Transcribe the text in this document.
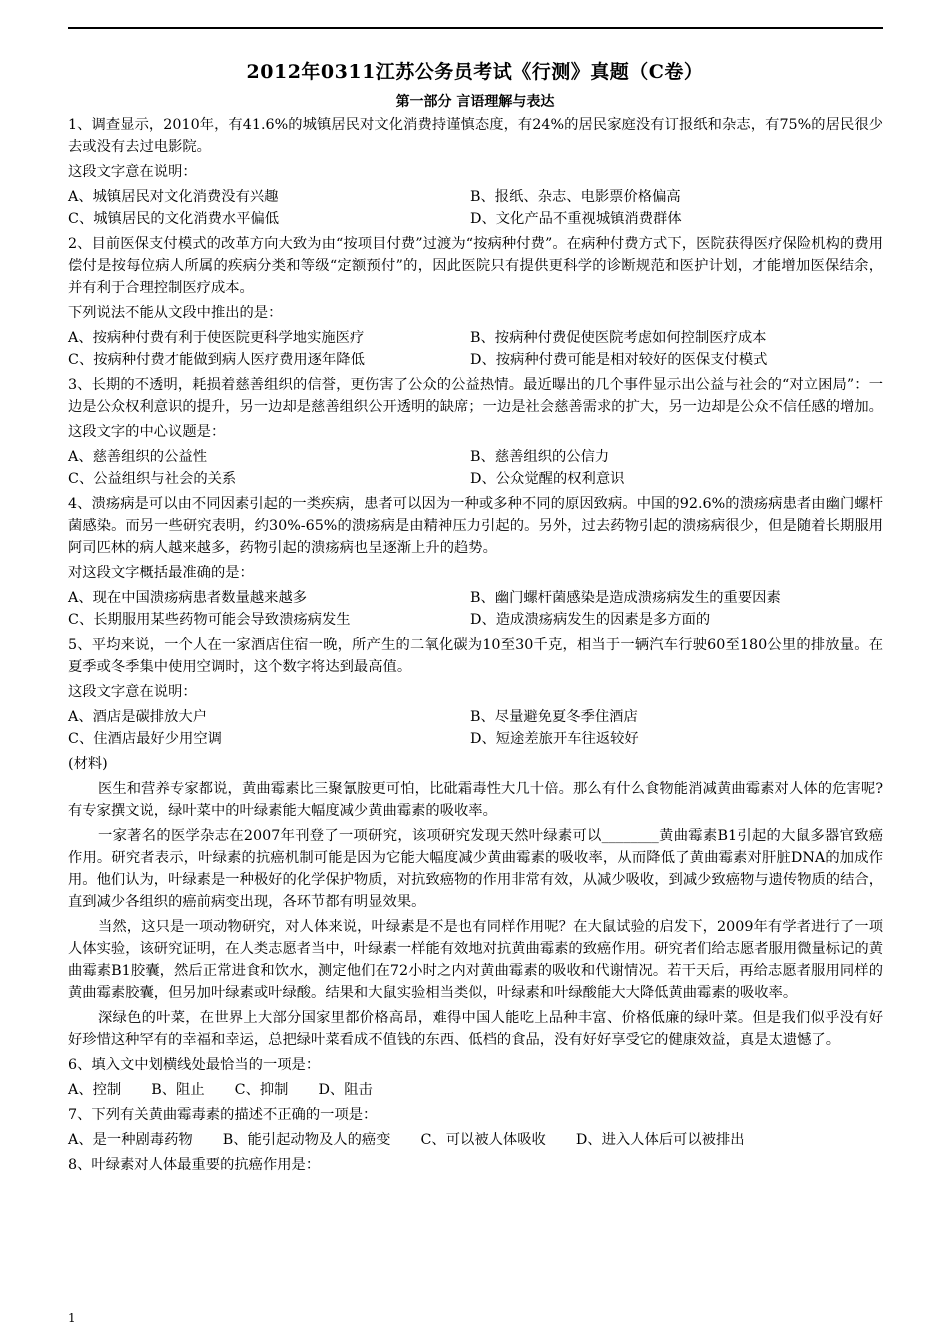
2012年0311江苏公务员考试《行测》真题（C卷）
第一部分 言语理解与表达

1、调查显示，2010年，有41.6%的城镇居民对文化消费持谨慎态度，有24%的居民家庭没有订报纸和杂志，有75%的居民很少去或没有去过电影院。

这段文字意在说明：

A、城镇居民对文化消费没有兴趣	B、报纸、杂志、电影票价格偏高
C、城镇居民的文化消费水平偏低	D、文化产品不重视城镇消费群体

2、目前医保支付模式的改革方向大致为由“按项目付费”过渡为“按病种付费”。在病种付费方式下，医院获得医疗保险机构的费用偿付是按每位病人所属的疾病分类和等级“定额预付”的，因此医院只有提供更科学的诊断规范和医护计划，才能增加医保结余，并有利于合理控制医疗成本。

下列说法不能从文段中推出的是：

A、按病种付费有利于使医院更科学地实施医疗	B、按病种付费促使医院考虑如何控制医疗成本
C、按病种付费才能做到病人医疗费用逐年降低	D、按病种付费可能是相对较好的医保支付模式

3、长期的不透明，耗损着慈善组织的信誉，更伤害了公众的公益热情。最近曝出的几个事件显示出公益与社会的“对立困局”：一边是公众权利意识的提升，另一边却是慈善组织公开透明的缺席；一边是社会慈善需求的扩大，另一边却是公众不信任感的增加。

这段文字的中心议题是：

A、慈善组织的公益性	B、慈善组织的公信力
C、公益组织与社会的关系	D、公众觉醒的权利意识

4、溃疡病是可以由不同因素引起的一类疾病，患者可以因为一种或多种不同的原因致病。中国的92.6%的溃疡病患者由幽门螺杆菌感染。而另一些研究表明，约30%-65%的溃疡病是由精神压力引起的。另外，过去药物引起的溃疡病很少，但是随着长期服用阿司匹林的病人越来越多，药物引起的溃疡病也呈逐渐上升的趋势。

对这段文字概括最准确的是：

A、现在中国溃疡病患者数量越来越多	B、幽门螺杆菌感染是造成溃疡病发生的重要因素
C、长期服用某些药物可能会导致溃疡病发生	D、造成溃疡病发生的因素是多方面的

5、平均来说，一个人在一家酒店住宿一晚，所产生的二氧化碳为10至30千克，相当于一辆汽车行驶60至180公里的排放量。在夏季或冬季集中使用空调时，这个数字将达到最高值。

这段文字意在说明：

A、酒店是碳排放大户	B、尽量避免夏冬季住酒店
C、住酒店最好少用空调	D、短途差旅开车往返较好

(材料)

医生和营养专家都说，黄曲霉素比三聚氰胺更可怕，比砒霜毒性大几十倍。那么有什么食物能消减黄曲霉素对人体的危害呢?有专家撰文说，绿叶菜中的叶绿素能大幅度减少黄曲霉素的吸收率。

一家著名的医学杂志在2007年刊登了一项研究，该项研究发现天然叶绿素可以________黄曲霉素B1引起的大鼠多器官致癌作用。研究者表示，叶绿素的抗癌机制可能是因为它能大幅度减少黄曲霉素的吸收率，从而降低了黄曲霉素对肝脏DNA的加成作用。他们认为，叶绿素是一种极好的化学保护物质，对抗致癌物的作用非常有效，从减少吸收，到减少致癌物与遗传物质的结合，直到减少各组织的癌前病变出现，各环节都有明显效果。

当然，这只是一项动物研究，对人体来说，叶绿素是不是也有同样作用呢？在大鼠试验的启发下，2009年有学者进行了一项人体实验，该研究证明，在人类志愿者当中，叶绿素一样能有效地对抗黄曲霉素的致癌作用。研究者们给志愿者服用微量标记的黄曲霉素B1胶囊，然后正常进食和饮水，测定他们在72小时之内对黄曲霉素的吸收和代谢情况。若干天后，再给志愿者服用同样的黄曲霉素胶囊，但另加叶绿素或叶绿酸。结果和大鼠实验相当类似，叶绿素和叶绿酸能大大降低黄曲霉素的吸收率。

深绿色的叶菜，在世界上大部分国家里都价格高昂，难得中国人能吃上品种丰富、价格低廉的绿叶菜。但是我们似乎没有好好珍惜这种罕有的幸福和幸运，总把绿叶菜看成不值钱的东西、低档的食品，没有好好享受它的健康效益，真是太遗憾了。

6、填入文中划横线处最恰当的一项是：

A、控制 B、阻止 C、抑制 D、阻击

7、下列有关黄曲霉毒素的描述不正确的一项是：

A、是一种剧毒药物 B、能引起动物及人的癌变 C、可以被人体吸收 D、进入人体后可以被排出

8、叶绿素对人体最重要的抗癌作用是：

1
